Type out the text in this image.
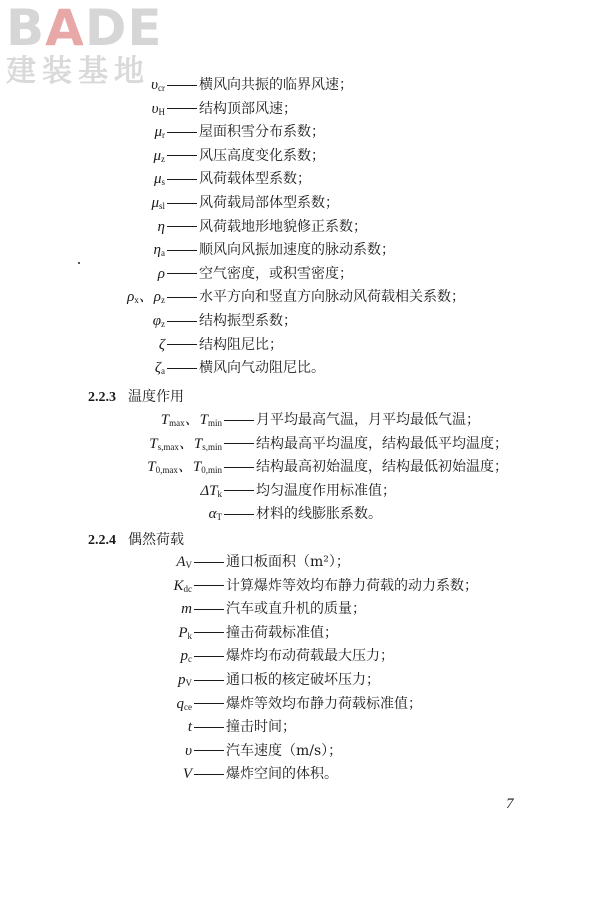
BADE
建装基地 $\upsilon_{cr}$ 横风向共振的临界风速；
$\upsilon_H$ 结构顶部风速；
$\mu_r$ 屋面积雪分布系数；
$\mu_z$ 风压高度变化系数；
$\mu_s$ 风荷载体型系数；
$\mu_{sl}$ 风荷载局部体型系数；
η 风荷载地形地貌修正系数；
$\eta_a$ 顺风向风振加速度的脉动系数；
ρ 空气密度，或积雪密度；
$\rho_x$、$\rho_z$ 水平方向和竖直方向脉动风荷载相关系数；
$\varphi_z$ 结构振型系数；
ζ 结构阻尼比；
$\zeta_a$ 横风向气动阻尼比。
2.2.3 温度作用
$T_{max}$、$T_{min}$ 月平均最高气温，月平均最低气温；
$T_{s,max}$、$T_{s,min}$ 结构最高平均温度，结构最低平均温度；
$T_{0,max}$、$T_{0,min}$ 结构最高初始温度，结构最低初始温度；
$\Delta T_k$ 均匀温度作用标准值；
$\alpha_T$ 材料的线膨胀系数。
2.2.4 偶然荷载
$A_V$ 通口板面积（m²）；
$K_{dc}$ 计算爆炸等效均布静力荷载的动力系数；
m 汽车或直升机的质量；
$P_k$ 撞击荷载标准值；
$p_c$ 爆炸均布动荷载最大压力；
$p_V$ 通口板的核定破坏压力；
$q_{ce}$ 爆炸等效均布静力荷载标准值；
t 撞击时间；
υ 汽车速度（m/s）；
V 爆炸空间的体积。
7
